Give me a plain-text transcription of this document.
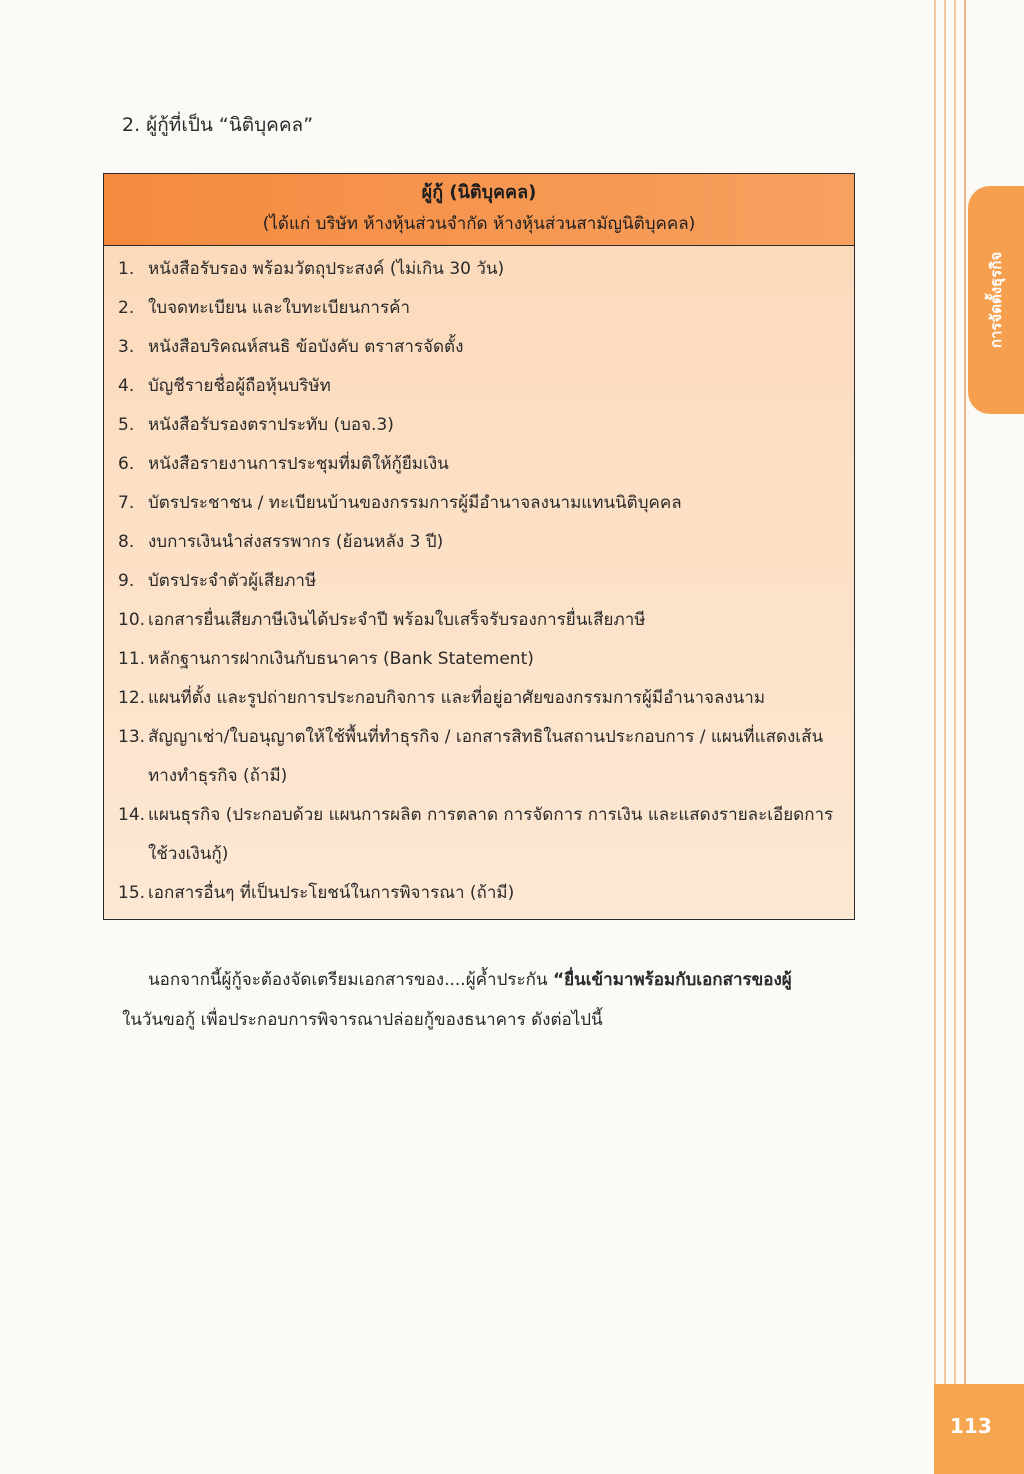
การจัดตั้งธุรกิจ
113
2. ผู้กู้ที่เป็น “นิติบุคคล”
ผู้กู้ (นิติบุคคล)
(ได้แก่ บริษัท ห้างหุ้นส่วนจำกัด ห้างหุ้นส่วนสามัญนิติบุคคล)
1. หนังสือรับรอง พร้อมวัตถุประสงค์ (ไม่เกิน 30 วัน)
2. ใบจดทะเบียน และใบทะเบียนการค้า
3. หนังสือบริคณห์สนธิ ข้อบังคับ ตราสารจัดตั้ง
4. บัญชีรายชื่อผู้ถือหุ้นบริษัท
5. หนังสือรับรองตราประทับ (บอจ.3)
6. หนังสือรายงานการประชุมที่มติให้กู้ยืมเงิน
7. บัตรประชาชน / ทะเบียนบ้านของกรรมการผู้มีอำนาจลงนามแทนนิติบุคคล
8. งบการเงินนำส่งสรรพากร (ย้อนหลัง 3 ปี)
9. บัตรประจำตัวผู้เสียภาษี
10. เอกสารยื่นเสียภาษีเงินได้ประจำปี พร้อมใบเสร็จรับรองการยื่นเสียภาษี
11. หลักฐานการฝากเงินกับธนาคาร (Bank Statement)
12. แผนที่ตั้ง และรูปถ่ายการประกอบกิจการ และที่อยู่อาศัยของกรรมการผู้มีอำนาจลงนาม
13. สัญญาเช่า/ใบอนุญาตให้ใช้พื้นที่ทำธุรกิจ / เอกสารสิทธิในสถานประกอบการ / แผนที่แสดงเส้นทางทำธุรกิจ (ถ้ามี)
14. แผนธุรกิจ (ประกอบด้วย แผนการผลิต การตลาด การจัดการ การเงิน และแสดงรายละเอียดการใช้วงเงินกู้)
15. เอกสารอื่นๆ ที่เป็นประโยชน์ในการพิจารณา (ถ้ามี)
นอกจากนี้ผู้กู้จะต้องจัดเตรียมเอกสารของ....ผู้ค้ำประกัน “ยื่นเข้ามาพร้อมกับเอกสารของผู้
ในวันขอกู้ เพื่อประกอบการพิจารณาปล่อยกู้ของธนาคาร ดังต่อไปนี้
